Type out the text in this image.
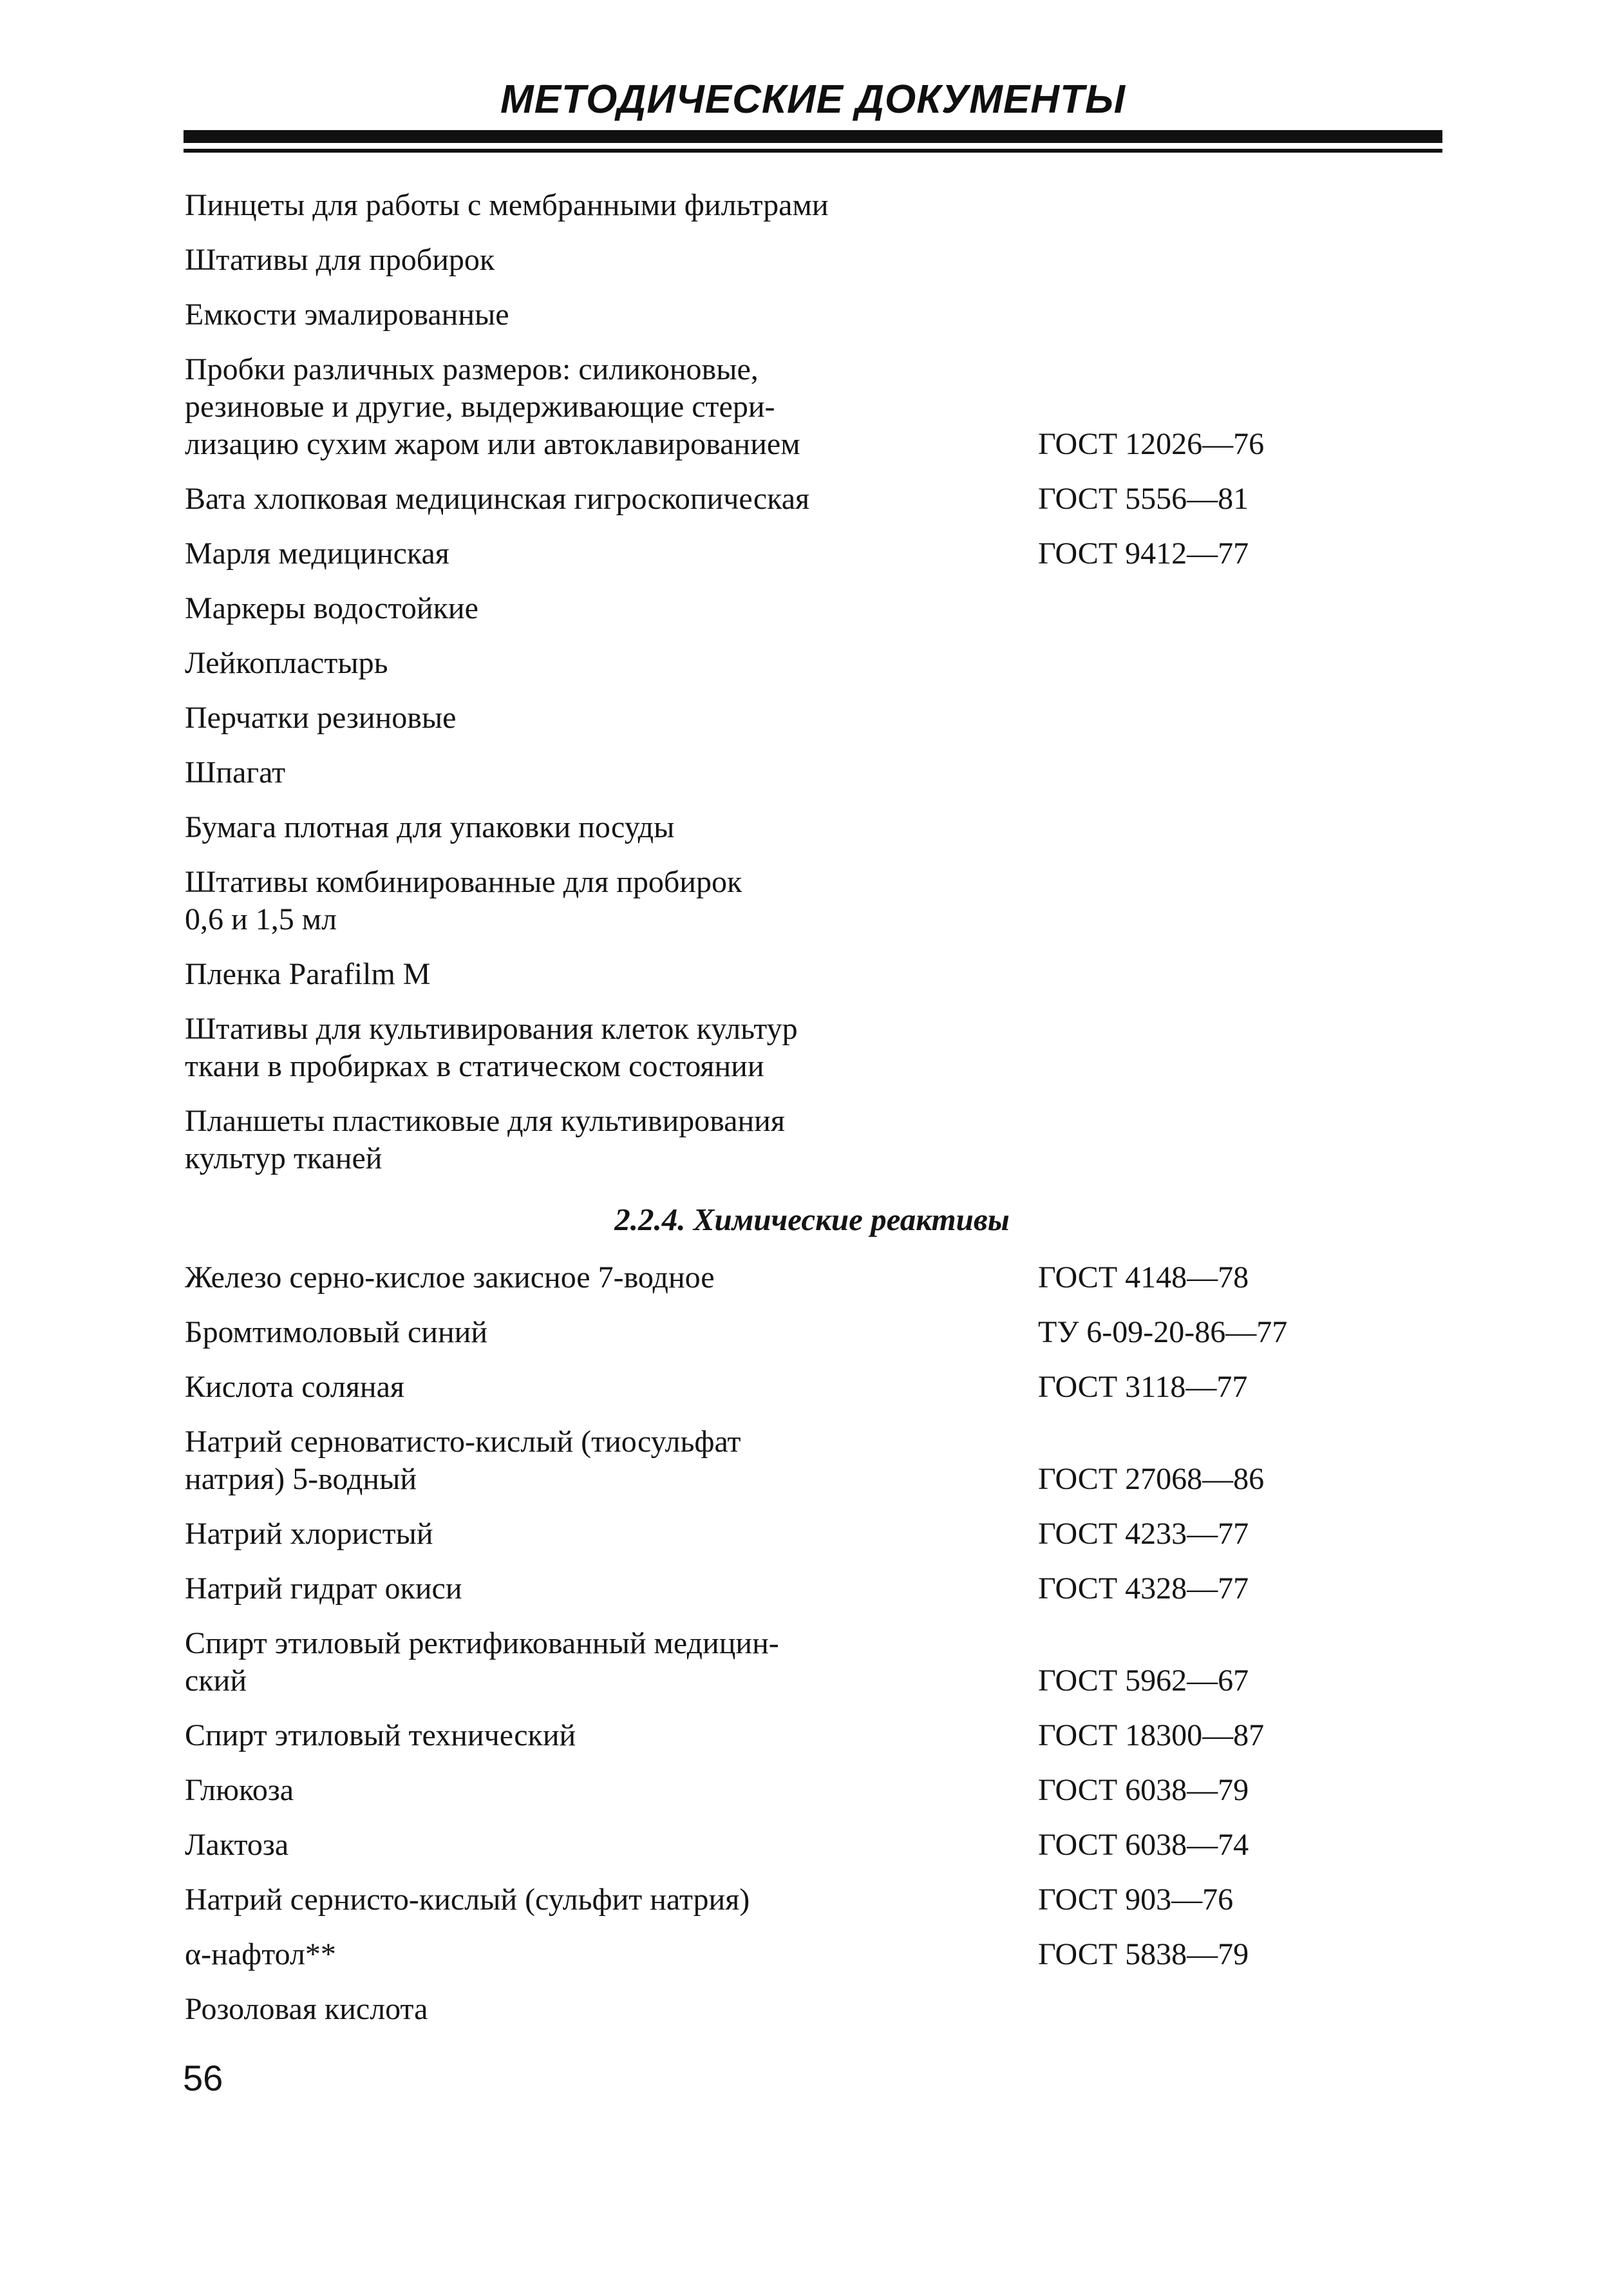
МЕТОДИЧЕСКИЕ ДОКУМЕНТЫ
Пинцеты для работы с мембранными фильтрами
Штативы для пробирок
Емкости эмалированные
Пробки различных размеров: силиконовые,
резиновые и другие, выдерживающие стери-
лизацию сухим жаром или автоклавированием	ГОСТ 12026—76
Вата хлопковая медицинская гигроскопическая	ГОСТ 5556—81
Марля медицинская	ГОСТ 9412—77
Маркеры водостойкие
Лейкопластырь
Перчатки резиновые
Шпагат
Бумага плотная для упаковки посуды
Штативы комбинированные для пробирок
0,6 и 1,5 мл
Пленка Parafilm M
Штативы для культивирования клеток культур
ткани в пробирках в статическом состоянии
Планшеты пластиковые для культивирования
культур тканей
2.2.4. Химические реактивы
Железо серно-кислое закисное 7-водное	ГОСТ 4148—78
Бромтимоловый синий	ТУ 6-09-20-86—77
Кислота соляная	ГОСТ 3118—77
Натрий серноватисто-кислый (тиосульфат
натрия) 5-водный	ГОСТ 27068—86
Натрий хлористый	ГОСТ 4233—77
Натрий гидрат окиси	ГОСТ 4328—77
Спирт этиловый ректификованный медицин-
ский	ГОСТ 5962—67
Спирт этиловый технический	ГОСТ 18300—87
Глюкоза	ГОСТ 6038—79
Лактоза	ГОСТ 6038—74
Натрий сернисто-кислый (сульфит натрия)	ГОСТ 903—76
α-нафтол**	ГОСТ 5838—79
Розоловая кислота
56
